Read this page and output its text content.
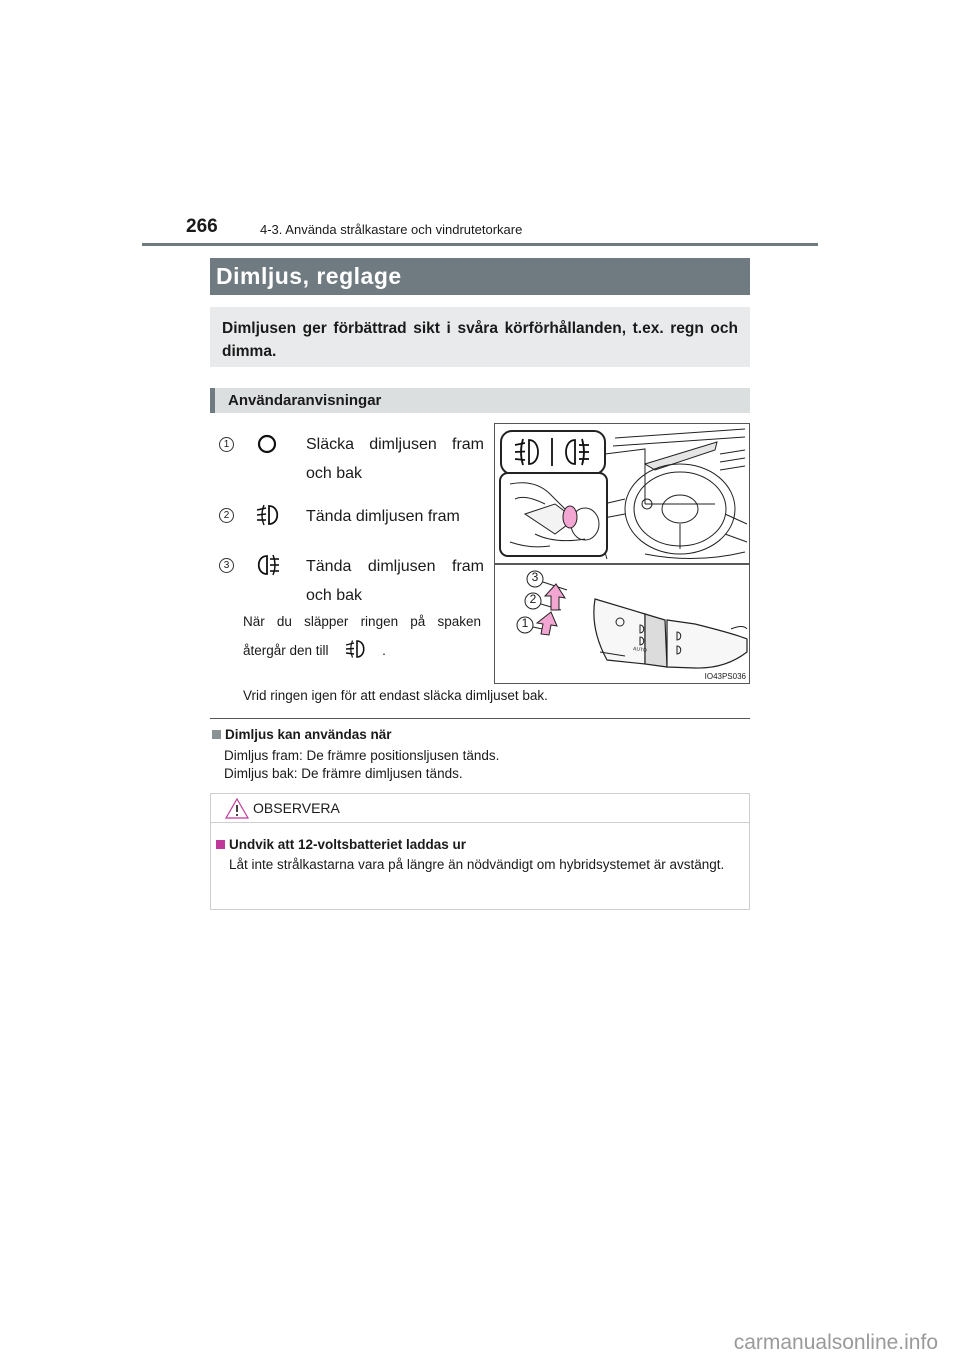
266	4-3. Använda strålkastare och vindrutetorkare
Dimljus, reglage
Dimljusen ger förbättrad sikt i svåra körförhållanden, t.ex. regn och dimma.
Användaranvisningar
1	Släcka dimljusen fram
och bak
2	Tända dimljusen fram
3	Tända dimljusen fram
och bak
När du släpper ringen på spaken
återgår den till	.
Vrid ringen igen för att endast släcka dimljuset bak.
3
2
1
AUTO
IO43PS036
Dimljus kan användas när
Dimljus fram: De främre positionsljusen tänds.
Dimljus bak: De främre dimljusen tänds.
OBSERVERA
Undvik att 12-voltsbatteriet laddas ur
Låt inte strålkastarna vara på längre än nödvändigt om hybridsystemet är avstängt.
carmanualsonline.info
